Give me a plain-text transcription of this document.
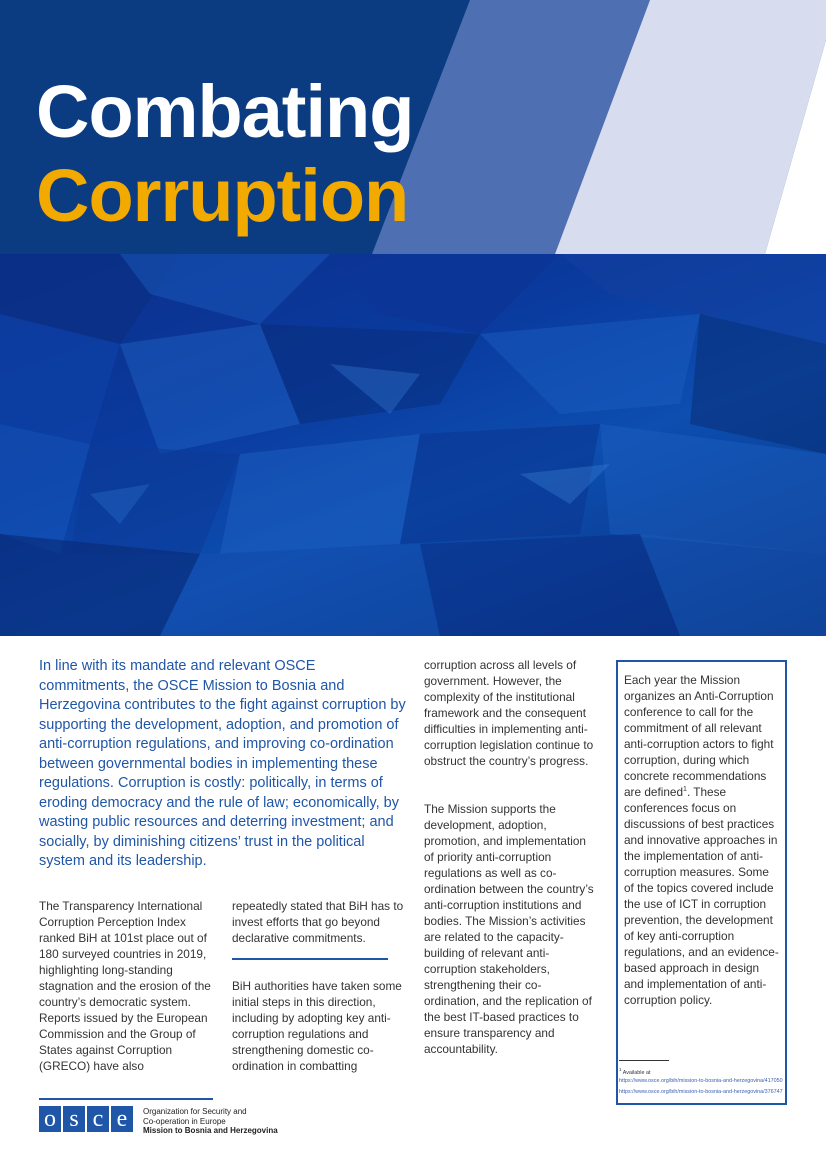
Combating
Corruption

In line with its mandate and relevant OSCE commitments, the OSCE Mission to Bosnia and Herzegovina contributes to the fight against corruption by supporting the development, adoption, and promotion of anti-corruption regulations, and improving co-ordination between governmental bodies in implementing these regulations. Corruption is costly: politically, in terms of eroding democracy and the rule of law; economically, by wasting public resources and deterring investment; and socially, by diminishing citizens’ trust in the political system and its leadership.

The Transparency International Corruption Perception Index ranked BiH at 101st place out of 180 surveyed countries in 2019, highlighting long-standing stagnation and the erosion of the country’s democratic system. Reports issued by the European Commission and the Group of States against Corruption (GRECO) have also

repeatedly stated that BiH has to invest efforts that go beyond declarative commitments.

BiH authorities have taken some initial steps in this direction, including by adopting key anti-corruption regulations and strengthening domestic co-ordination in combatting

corruption across all levels of government. However, the complexity of the institutional framework and the consequent difficulties in implementing anti-corruption legislation continue to obstruct the country’s progress.

The Mission supports the development, adoption, promotion, and implementation of priority anti-corruption regulations as well as co-ordination between the country’s anti-corruption institutions and bodies. The Mission’s activities are related to the capacity-building of relevant anti-corruption stakeholders, strengthening their co-ordination, and the replication of the best IT-based practices to ensure transparency and accountability.

Each year the Mission organizes an Anti-Corruption conference to call for the commitment of all relevant anti-corruption actors to fight corruption, during which concrete recommendations are defined$^1$. These conferences focus on discussions of best practices and innovative approaches in the implementation of anti-corruption measures. Some of the topics covered include the use of ICT in corruption prevention, the development of key anti-corruption regulations, and an evidence-based approach in design and implementation of anti-corruption policy.

$^1$ Available at

https://www.osce.org/bih/mission-to-bosnia-and-herzegovina/417050

https://www.osce.org/bih/mission-to-bosnia-and-herzegovina/376747

o s c e	Organization for Security and
Co-operation in Europe
Mission to Bosnia and Herzegovina
